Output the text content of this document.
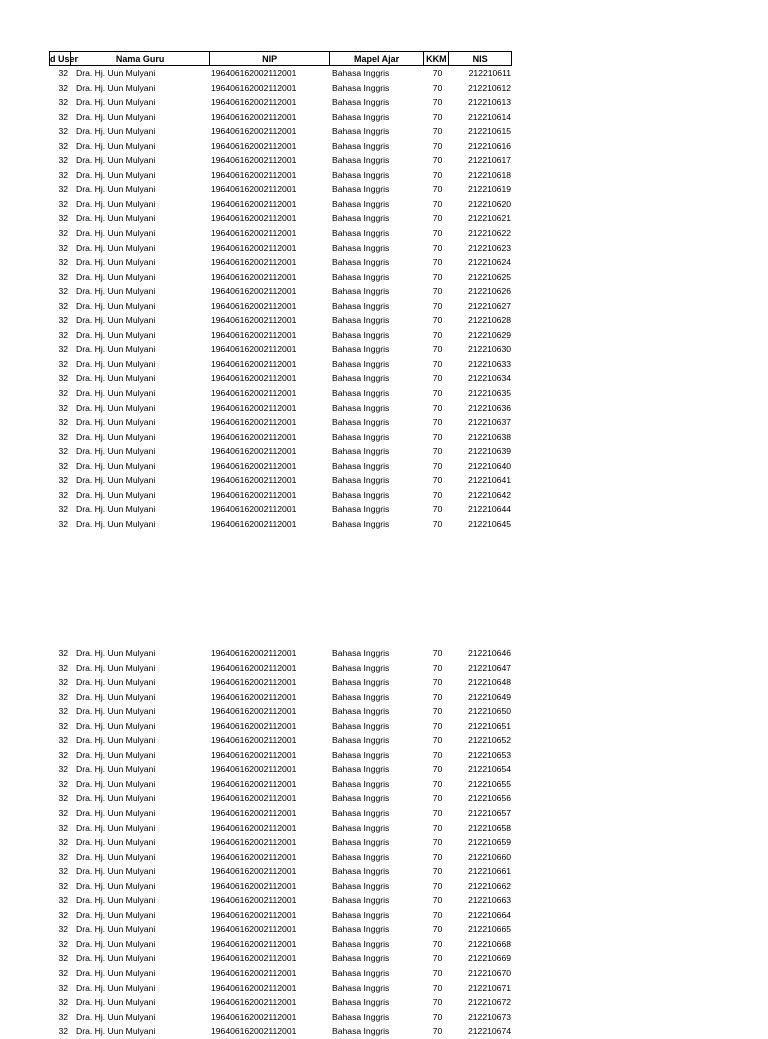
d User	Nama Guru	NIP	Mapel Ajar	KKM	NIS
32 Dra. Hj. Uun Mulyani	196406162002112001	Bahasa Inggris	70	212210611
32 Dra. Hj. Uun Mulyani	196406162002112001	Bahasa Inggris	70	212210612
32 Dra. Hj. Uun Mulyani	196406162002112001	Bahasa Inggris	70	212210613
32 Dra. Hj. Uun Mulyani	196406162002112001	Bahasa Inggris	70	212210614
32 Dra. Hj. Uun Mulyani	196406162002112001	Bahasa Inggris	70	212210615
32 Dra. Hj. Uun Mulyani	196406162002112001	Bahasa Inggris	70	212210616
32 Dra. Hj. Uun Mulyani	196406162002112001	Bahasa Inggris	70	212210617
32 Dra. Hj. Uun Mulyani	196406162002112001	Bahasa Inggris	70	212210618
32 Dra. Hj. Uun Mulyani	196406162002112001	Bahasa Inggris	70	212210619
32 Dra. Hj. Uun Mulyani	196406162002112001	Bahasa Inggris	70	212210620
32 Dra. Hj. Uun Mulyani	196406162002112001	Bahasa Inggris	70	212210621
32 Dra. Hj. Uun Mulyani	196406162002112001	Bahasa Inggris	70	212210622
32 Dra. Hj. Uun Mulyani	196406162002112001	Bahasa Inggris	70	212210623
32 Dra. Hj. Uun Mulyani	196406162002112001	Bahasa Inggris	70	212210624
32 Dra. Hj. Uun Mulyani	196406162002112001	Bahasa Inggris	70	212210625
32 Dra. Hj. Uun Mulyani	196406162002112001	Bahasa Inggris	70	212210626
32 Dra. Hj. Uun Mulyani	196406162002112001	Bahasa Inggris	70	212210627
32 Dra. Hj. Uun Mulyani	196406162002112001	Bahasa Inggris	70	212210628
32 Dra. Hj. Uun Mulyani	196406162002112001	Bahasa Inggris	70	212210629
32 Dra. Hj. Uun Mulyani	196406162002112001	Bahasa Inggris	70	212210630
32 Dra. Hj. Uun Mulyani	196406162002112001	Bahasa Inggris	70	212210633
32 Dra. Hj. Uun Mulyani	196406162002112001	Bahasa Inggris	70	212210634
32 Dra. Hj. Uun Mulyani	196406162002112001	Bahasa Inggris	70	212210635
32 Dra. Hj. Uun Mulyani	196406162002112001	Bahasa Inggris	70	212210636
32 Dra. Hj. Uun Mulyani	196406162002112001	Bahasa Inggris	70	212210637
32 Dra. Hj. Uun Mulyani	196406162002112001	Bahasa Inggris	70	212210638
32 Dra. Hj. Uun Mulyani	196406162002112001	Bahasa Inggris	70	212210639
32 Dra. Hj. Uun Mulyani	196406162002112001	Bahasa Inggris	70	212210640
32 Dra. Hj. Uun Mulyani	196406162002112001	Bahasa Inggris	70	212210641
32 Dra. Hj. Uun Mulyani	196406162002112001	Bahasa Inggris	70	212210642
32 Dra. Hj. Uun Mulyani	196406162002112001	Bahasa Inggris	70	212210644
32 Dra. Hj. Uun Mulyani	196406162002112001	Bahasa Inggris	70	212210645
32 Dra. Hj. Uun Mulyani	196406162002112001	Bahasa Inggris	70	212210646
32 Dra. Hj. Uun Mulyani	196406162002112001	Bahasa Inggris	70	212210647
32 Dra. Hj. Uun Mulyani	196406162002112001	Bahasa Inggris	70	212210648
32 Dra. Hj. Uun Mulyani	196406162002112001	Bahasa Inggris	70	212210649
32 Dra. Hj. Uun Mulyani	196406162002112001	Bahasa Inggris	70	212210650
32 Dra. Hj. Uun Mulyani	196406162002112001	Bahasa Inggris	70	212210651
32 Dra. Hj. Uun Mulyani	196406162002112001	Bahasa Inggris	70	212210652
32 Dra. Hj. Uun Mulyani	196406162002112001	Bahasa Inggris	70	212210653
32 Dra. Hj. Uun Mulyani	196406162002112001	Bahasa Inggris	70	212210654
32 Dra. Hj. Uun Mulyani	196406162002112001	Bahasa Inggris	70	212210655
32 Dra. Hj. Uun Mulyani	196406162002112001	Bahasa Inggris	70	212210656
32 Dra. Hj. Uun Mulyani	196406162002112001	Bahasa Inggris	70	212210657
32 Dra. Hj. Uun Mulyani	196406162002112001	Bahasa Inggris	70	212210658
32 Dra. Hj. Uun Mulyani	196406162002112001	Bahasa Inggris	70	212210659
32 Dra. Hj. Uun Mulyani	196406162002112001	Bahasa Inggris	70	212210660
32 Dra. Hj. Uun Mulyani	196406162002112001	Bahasa Inggris	70	212210661
32 Dra. Hj. Uun Mulyani	196406162002112001	Bahasa Inggris	70	212210662
32 Dra. Hj. Uun Mulyani	196406162002112001	Bahasa Inggris	70	212210663
32 Dra. Hj. Uun Mulyani	196406162002112001	Bahasa Inggris	70	212210664
32 Dra. Hj. Uun Mulyani	196406162002112001	Bahasa Inggris	70	212210665
32 Dra. Hj. Uun Mulyani	196406162002112001	Bahasa Inggris	70	212210668
32 Dra. Hj. Uun Mulyani	196406162002112001	Bahasa Inggris	70	212210669
32 Dra. Hj. Uun Mulyani	196406162002112001	Bahasa Inggris	70	212210670
32 Dra. Hj. Uun Mulyani	196406162002112001	Bahasa Inggris	70	212210671
32 Dra. Hj. Uun Mulyani	196406162002112001	Bahasa Inggris	70	212210672
32 Dra. Hj. Uun Mulyani	196406162002112001	Bahasa Inggris	70	212210673
32 Dra. Hj. Uun Mulyani	196406162002112001	Bahasa Inggris	70	212210674
